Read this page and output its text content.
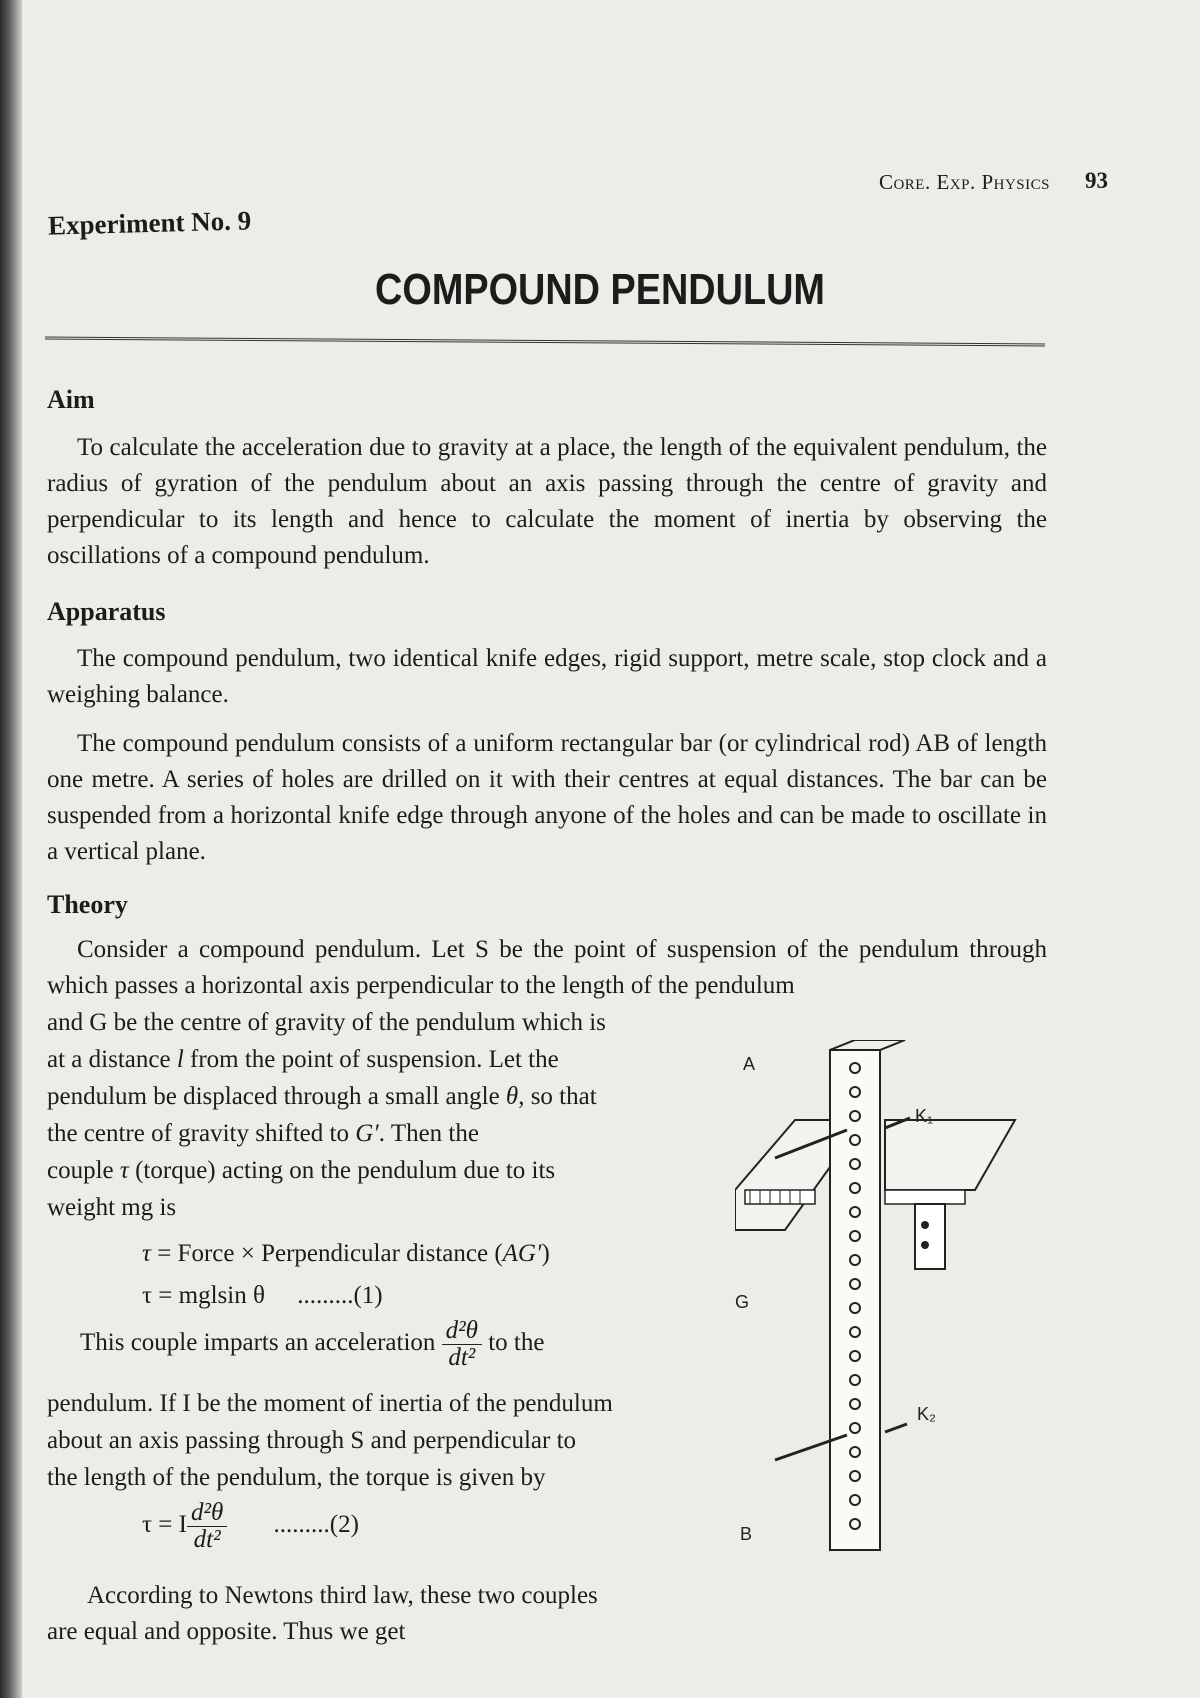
Core. Exp. Physics 93
Experiment No. 9
COMPOUND PENDULUM
Aim

To calculate the acceleration due to gravity at a place, the length of the equivalent pendulum, the radius of gyration of the pendulum about an axis passing through the centre of gravity and perpendicular to its length and hence to calculate the moment of inertia by observing the oscillations of a compound pendulum.

Apparatus

The compound pendulum, two identical knife edges, rigid support, metre scale, stop clock and a weighing balance.

The compound pendulum consists of a uniform rectangular bar (or cylindrical rod) AB of length one metre. A series of holes are drilled on it with their centres at equal distances. The bar can be suspended from a horizontal knife edge through anyone of the holes and can be made to oscillate in a vertical plane.

Theory

Consider a compound pendulum. Let S be the point of suspension of the pendulum through which passes a horizontal axis perpendicular to the length of the pendulum

and G be the centre of gravity of the pendulum which is
at a distance l from the point of suspension. Let the
pendulum be displaced through a small angle θ, so that
the centre of gravity shifted to G′. Then the
couple τ (torque) acting on the pendulum due to its
weight mg is
τ = Force × Perpendicular distance (AG′)
τ = mglsin θ .........(1)
This couple imparts an acceleration $\frac{\text{d²θ}}{\text{dt²}}$ to the
pendulum. If I be the moment of inertia of the pendulum
about an axis passing through S and perpendicular to
the length of the pendulum, the torque is given by
τ = I $\frac{\text{d²θ}}{\text{dt²}} .........(2)$
According to Newtons third law, these two couples
are equal and opposite. Thus we get
A
B
G
K₁
K₂
